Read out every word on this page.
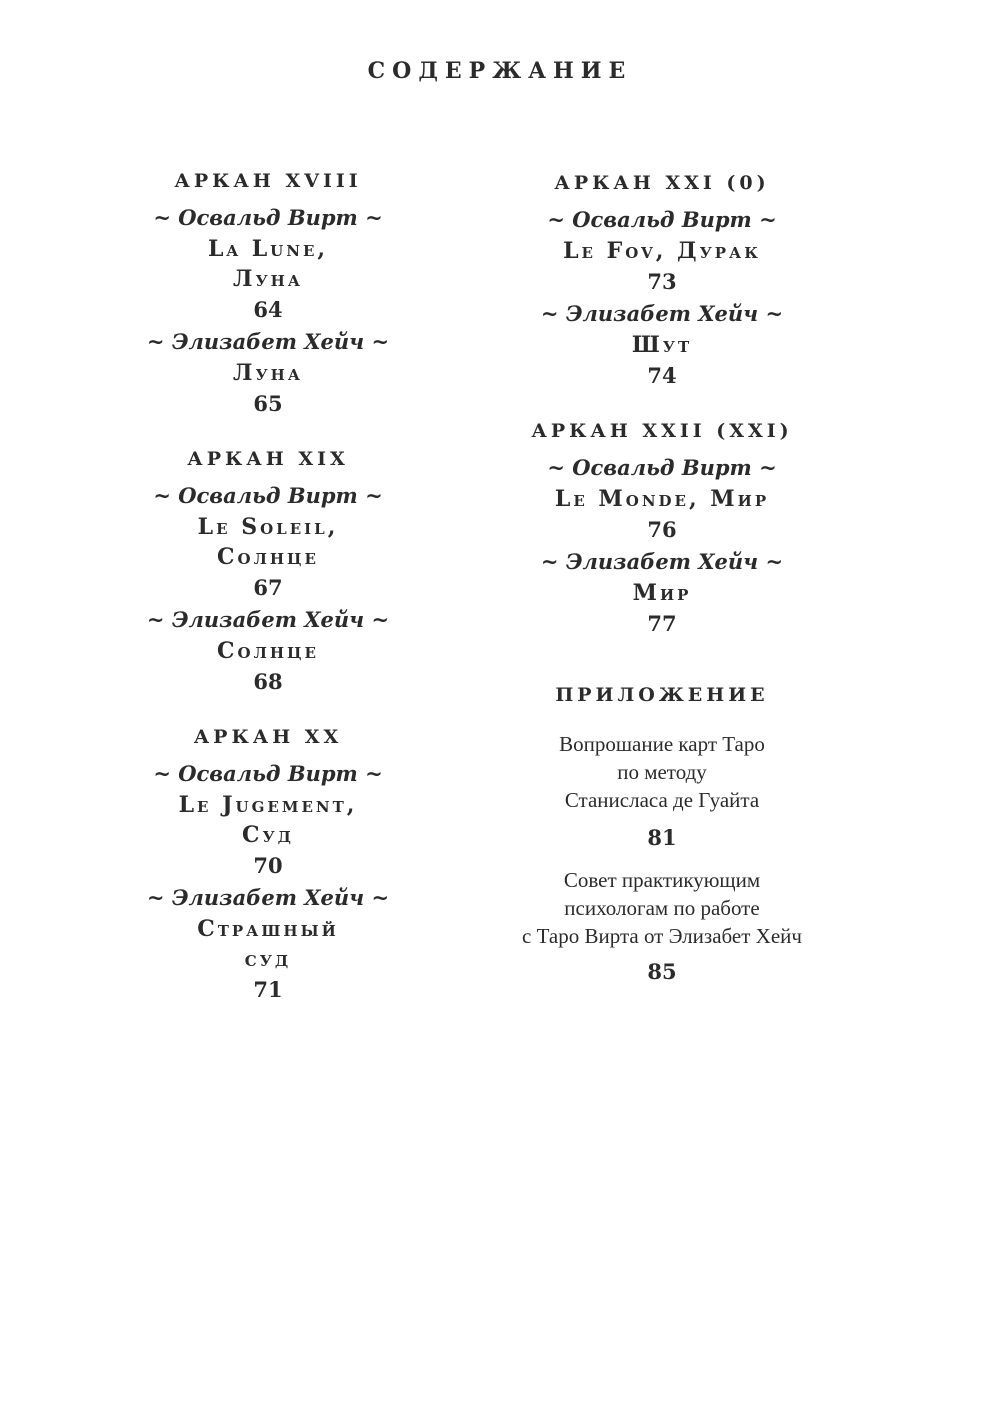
СОДЕРЖАНИЕ
АРКАН XVIII
~ Освальд Вирт ~
La Lune,
Луна
64
~ Элизабет Хейч ~
Луна
65
АРКАН XIX
~ Освальд Вирт ~
Le Soleil,
Солнце
67
~ Элизабет Хейч ~
Солнце
68
АРКАН XX
~ Освальд Вирт ~
Le Jugement,
Суд
70
~ Элизабет Хейч ~
Страшный
суд
71
АРКАН XXI (0)
~ Освальд Вирт ~
Le Fov, Дурак
73
~ Элизабет Хейч ~
Шут
74
АРКАН XXII (XXI)
~ Освальд Вирт ~
Le Monde, Мир
76
~ Элизабет Хейч ~
Мир
77
ПРИЛОЖЕНИЕ
Вопрошание карт Таро
по методу
Станисласа де Гуайта
81
Совет практикующим
психологам по работе
с Таро Вирта от Элизабет Хейч
85
